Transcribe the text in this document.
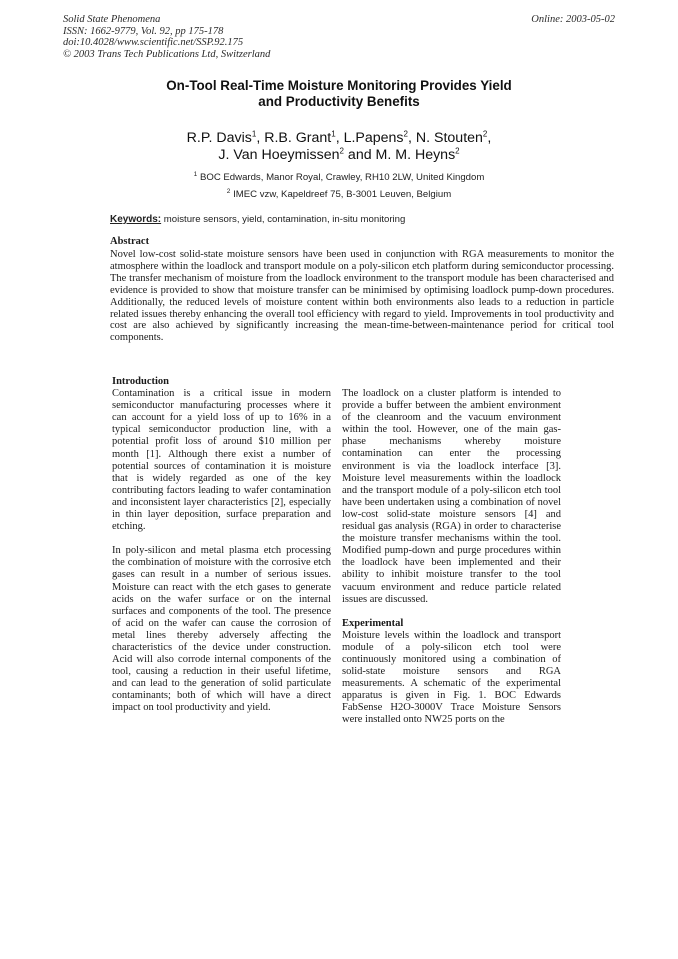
Solid State Phenomena
ISSN: 1662-9779, Vol. 92, pp 175-178
doi:10.4028/www.scientific.net/SSP.92.175
© 2003 Trans Tech Publications Ltd, Switzerland
Online: 2003-05-02
On-Tool Real-Time Moisture Monitoring Provides Yield
and Productivity Benefits
R.P. Davis$^1$, R.B. Grant$^1$, L.Papens$^2$, N. Stouten$^2$,
J. Van Hoeymissen$^2$ and M. M. Heyns$^2$
$^1$ BOC Edwards, Manor Royal, Crawley, RH10 2LW, United Kingdom
$^2$ IMEC vzw, Kapeldreef 75, B-3001 Leuven, Belgium
Keywords: moisture sensors, yield, contamination, in-situ monitoring
Abstract
Novel low-cost solid-state moisture sensors have been used in conjunction with RGA measurements to monitor the atmosphere within the loadlock and transport module on a poly-silicon etch platform during semiconductor processing. The transfer mechanism of moisture from the loadlock environment to the transport module has been characterised and evidence is provided to show that moisture transfer can be minimised by optimising loadlock pump-down procedures. Additionally, the reduced levels of moisture content within both environments also leads to a reduction in particle related issues thereby enhancing the overall tool efficiency with regard to yield. Improvements in tool productivity and cost are also achieved by significantly increasing the mean-time-between-maintenance period for critical tool components.
Introduction

Contamination is a critical issue in modern semiconductor manufacturing processes where it can account for a yield loss of up to 16% in a typical semiconductor production line, with a potential profit loss of around $10 million per month [1]. Although there exist a number of potential sources of contamination it is moisture that is widely regarded as one of the key contributing factors leading to wafer contamination and inconsistent layer characteristics [2], especially in thin layer deposition, surface preparation and etching.

In poly-silicon and metal plasma etch processing the combination of moisture with the corrosive etch gases can result in a number of serious issues. Moisture can react with the etch gases to generate acids on the wafer surface or on the internal surfaces and components of the tool. The presence of acid on the wafer can cause the corrosion of metal lines thereby adversely affecting the characteristics of the device under construction. Acid will also corrode internal components of the tool, causing a reduction in their useful lifetime, and can lead to the generation of solid particulate contaminants; both of which will have a direct impact on tool productivity and yield.

The loadlock on a cluster platform is intended to provide a buffer between the ambient environment of the cleanroom and the vacuum environment within the tool. However, one of the main gas-phase mechanisms whereby moisture contamination can enter the processing environment is via the loadlock interface [3]. Moisture level measurements within the loadlock and the transport module of a poly-silicon etch tool have been undertaken using a combination of novel low-cost solid-state moisture sensors [4] and residual gas analysis (RGA) in order to characterise the moisture transfer mechanisms within the tool. Modified pump-down and purge procedures within the loadlock have been implemented and their ability to inhibit moisture transfer to the tool vacuum environment and reduce particle related issues are discussed.

Experimental

Moisture levels within the loadlock and transport module of a poly-silicon etch tool were continuously monitored using a combination of solid-state moisture sensors and RGA measurements. A schematic of the experimental apparatus is given in Fig. 1. BOC Edwards FabSense H2O-3000V Trace Moisture Sensors were installed onto NW25 ports on the
